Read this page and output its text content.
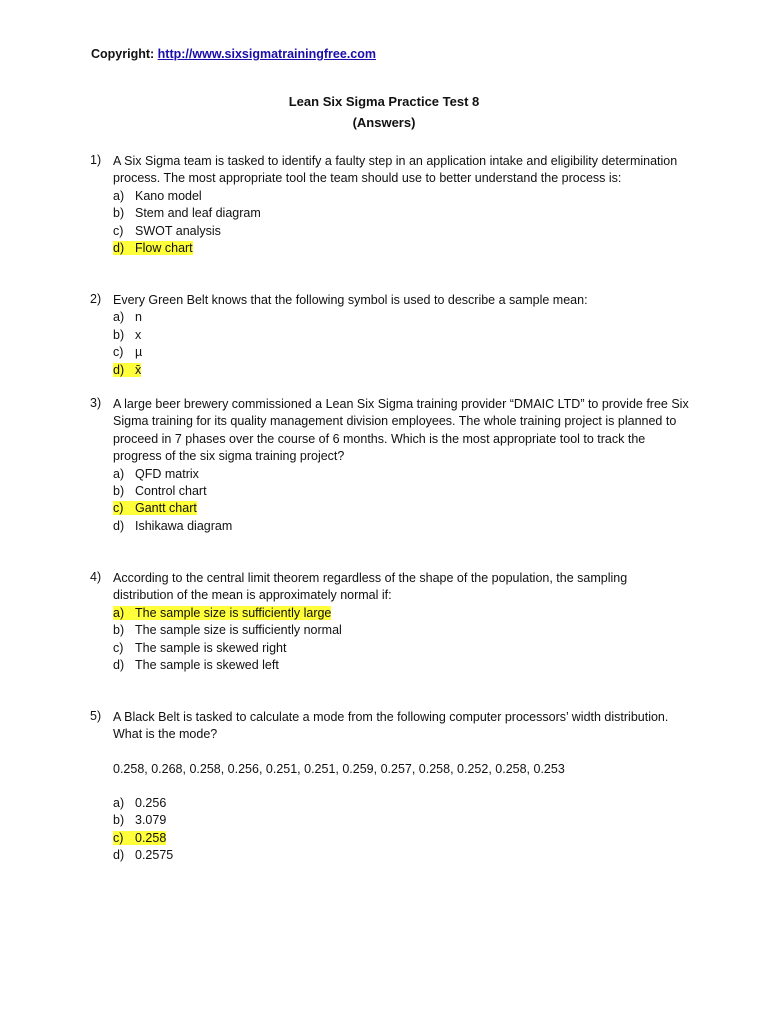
Copyright: http://www.sixsigmatrainingfree.com
Lean Six Sigma Practice Test 8
(Answers)
1) A Six Sigma team is tasked to identify a faulty step in an application intake and eligibility determination process. The most appropriate tool the team should use to better understand the process is:
a) Kano model
b) Stem and leaf diagram
c) SWOT analysis
d) Flow chart
2) Every Green Belt knows that the following symbol is used to describe a sample mean:
a) n
b) x
c) µ
d) x̄
3) A large beer brewery commissioned a Lean Six Sigma training provider “DMAIC LTD” to provide free Six Sigma training for its quality management division employees. The whole training project is planned to proceed in 7 phases over the course of 6 months. Which is the most appropriate tool to track the progress of the six sigma training project?
a) QFD matrix
b) Control chart
c) Gantt chart
d) Ishikawa diagram
4) According to the central limit theorem regardless of the shape of the population, the sampling distribution of the mean is approximately normal if:
a) The sample size is sufficiently large
b) The sample size is sufficiently normal
c) The sample is skewed right
d) The sample is skewed left
5) A Black Belt is tasked to calculate a mode from the following computer processors’ width distribution. What is the mode?
0.258, 0.268, 0.258, 0.256, 0.251, 0.251, 0.259, 0.257, 0.258, 0.252, 0.258, 0.253
a) 0.256
b) 3.079
c) 0.258
d) 0.2575
